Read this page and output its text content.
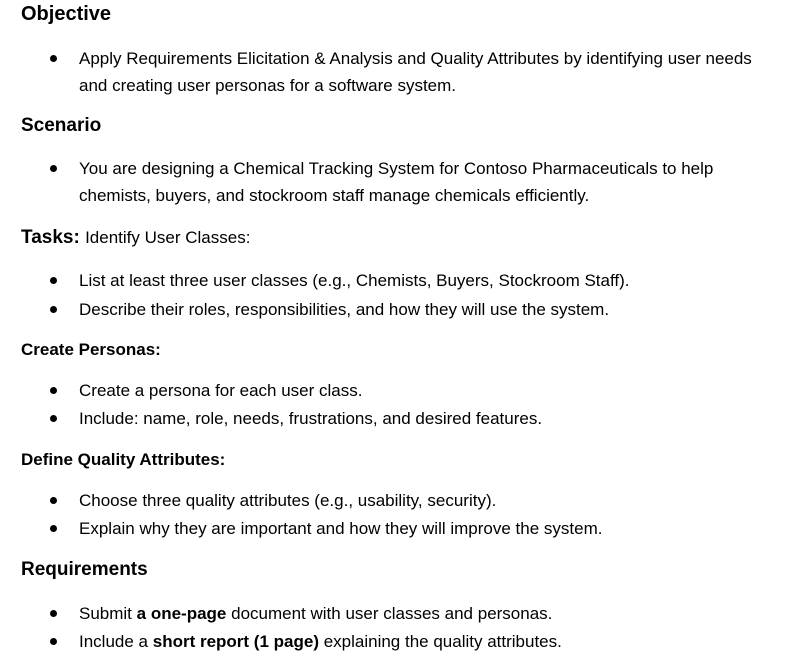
Objective
Apply Requirements Elicitation & Analysis and Quality Attributes by identifying user needs and creating user personas for a software system.
Scenario
You are designing a Chemical Tracking System for Contoso Pharmaceuticals to help chemists, buyers, and stockroom staff manage chemicals efficiently.
Tasks: Identify User Classes:
List at least three user classes (e.g., Chemists, Buyers, Stockroom Staff).
Describe their roles, responsibilities, and how they will use the system.
Create Personas:
Create a persona for each user class.
Include: name, role, needs, frustrations, and desired features.
Define Quality Attributes:
Choose three quality attributes (e.g., usability, security).
Explain why they are important and how they will improve the system.
Requirements
Submit a one-page document with user classes and personas.
Include a short report (1 page) explaining the quality attributes.
